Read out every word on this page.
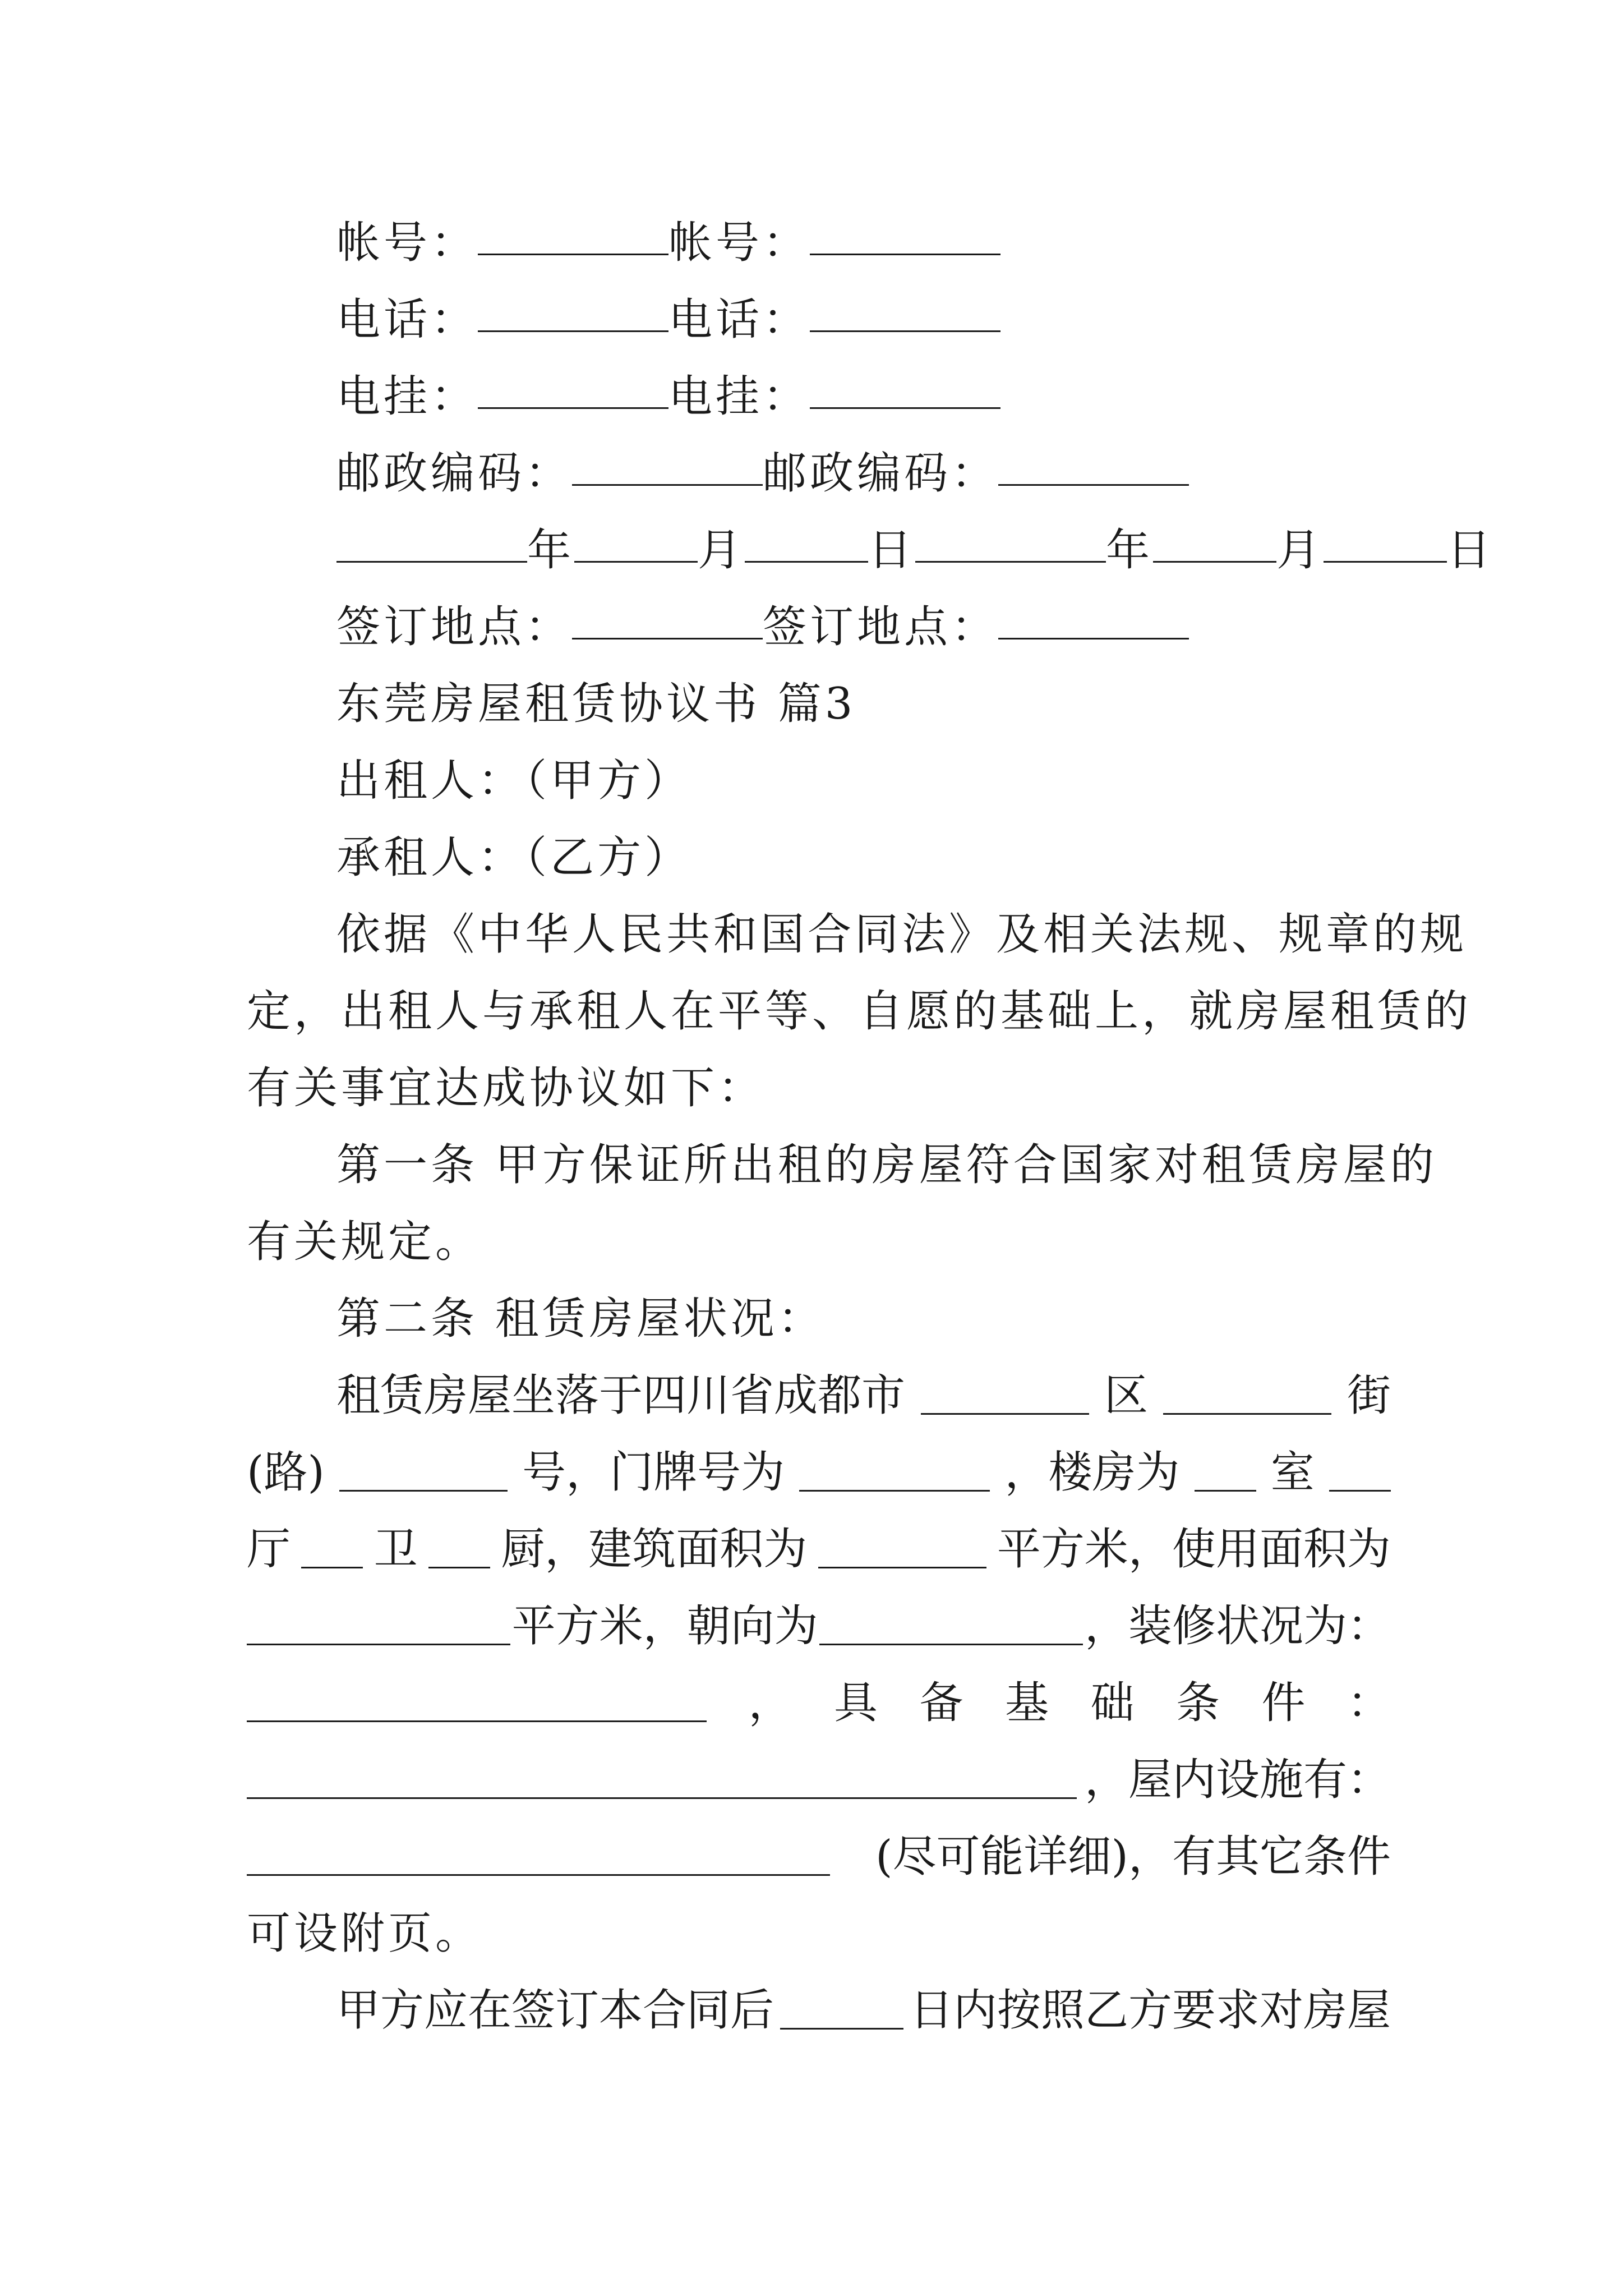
帐号：	帐号：
电话：	电话：
电挂：	电挂：
邮政编码：	邮政编码：
年	月	日	年	月	日
签订地点：	签订地点：
东莞房屋租赁协议书 篇3
出租人：（甲方）
承租人：（乙方）
依据《中华人民共和国合同法》及相关法规、规章的规
定，出租人与承租人在平等、自愿的基础上，就房屋租赁的
有关事宜达成协议如下：
第一条 甲方保证所出租的房屋符合国家对租赁房屋的
有关规定。
第二条 租赁房屋状况：
租赁房屋坐落于四川省成都市	区	街
(路)	号，门牌号为	，楼房为 室
厅 卫 厨，建筑面积为	平方米，使用面积为
平方米，朝向为	，装修状况为：
， 具 备 基 础 条 件 ：
，屋内设施有：
(尽可能详细)，有其它条件
可设附页。
甲方应在签订本合同后	日内按照乙方要求对房屋
